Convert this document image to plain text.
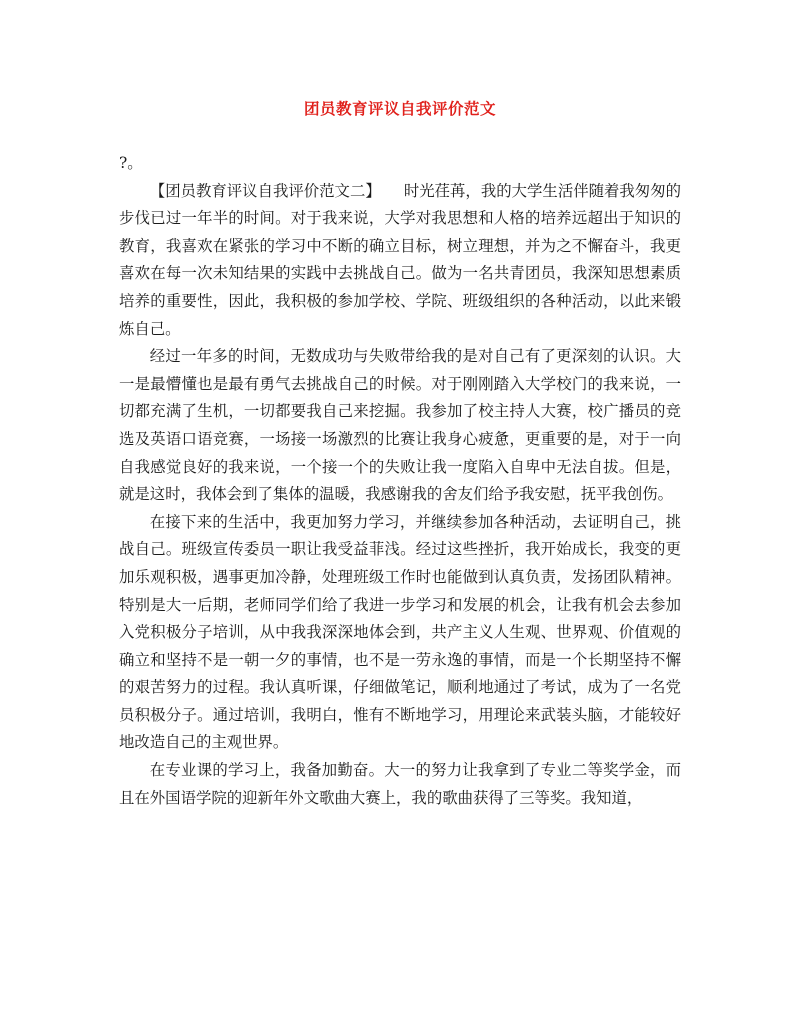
团员教育评议自我评价范文

?。

【团员教育评议自我评价范文二】　　时光荏苒，我的大学生活伴随着我匆匆的步伐已过一年半的时间。对于我来说，大学对我思想和人格的培养远超出于知识的教育，我喜欢在紧张的学习中不断的确立目标，树立理想，并为之不懈奋斗，我更喜欢在每一次未知结果的实践中去挑战自己。做为一名共青团员，我深知思想素质培养的重要性，因此，我积极的参加学校、学院、班级组织的各种活动，以此来锻炼自己。

经过一年多的时间，无数成功与失败带给我的是对自己有了更深刻的认识。大一是最懵懂也是最有勇气去挑战自己的时候。对于刚刚踏入大学校门的我来说，一切都充满了生机，一切都要我自己来挖掘。我参加了校主持人大赛，校广播员的竞选及英语口语竞赛，一场接一场激烈的比赛让我身心疲惫，更重要的是，对于一向自我感觉良好的我来说，一个接一个的失败让我一度陷入自卑中无法自拔。但是，就是这时，我体会到了集体的温暖，我感谢我的舍友们给予我安慰，抚平我创伤。

在接下来的生活中，我更加努力学习，并继续参加各种活动，去证明自己，挑战自己。班级宣传委员一职让我受益菲浅。经过这些挫折，我开始成长，我变的更加乐观积极，遇事更加冷静，处理班级工作时也能做到认真负责，发扬团队精神。特别是大一后期，老师同学们给了我进一步学习和发展的机会，让我有机会去参加入党积极分子培训，从中我我深深地体会到，共产主义人生观、世界观、价值观的确立和坚持不是一朝一夕的事情，也不是一劳永逸的事情，而是一个长期坚持不懈的艰苦努力的过程。我认真听课，仔细做笔记，顺利地通过了考试，成为了一名党员积极分子。通过培训，我明白，惟有不断地学习，用理论来武装头脑，才能较好地改造自己的主观世界。

在专业课的学习上，我备加勤奋。大一的努力让我拿到了专业二等奖学金，而且在外国语学院的迎新年外文歌曲大赛上，我的歌曲获得了三等奖。我知道，
